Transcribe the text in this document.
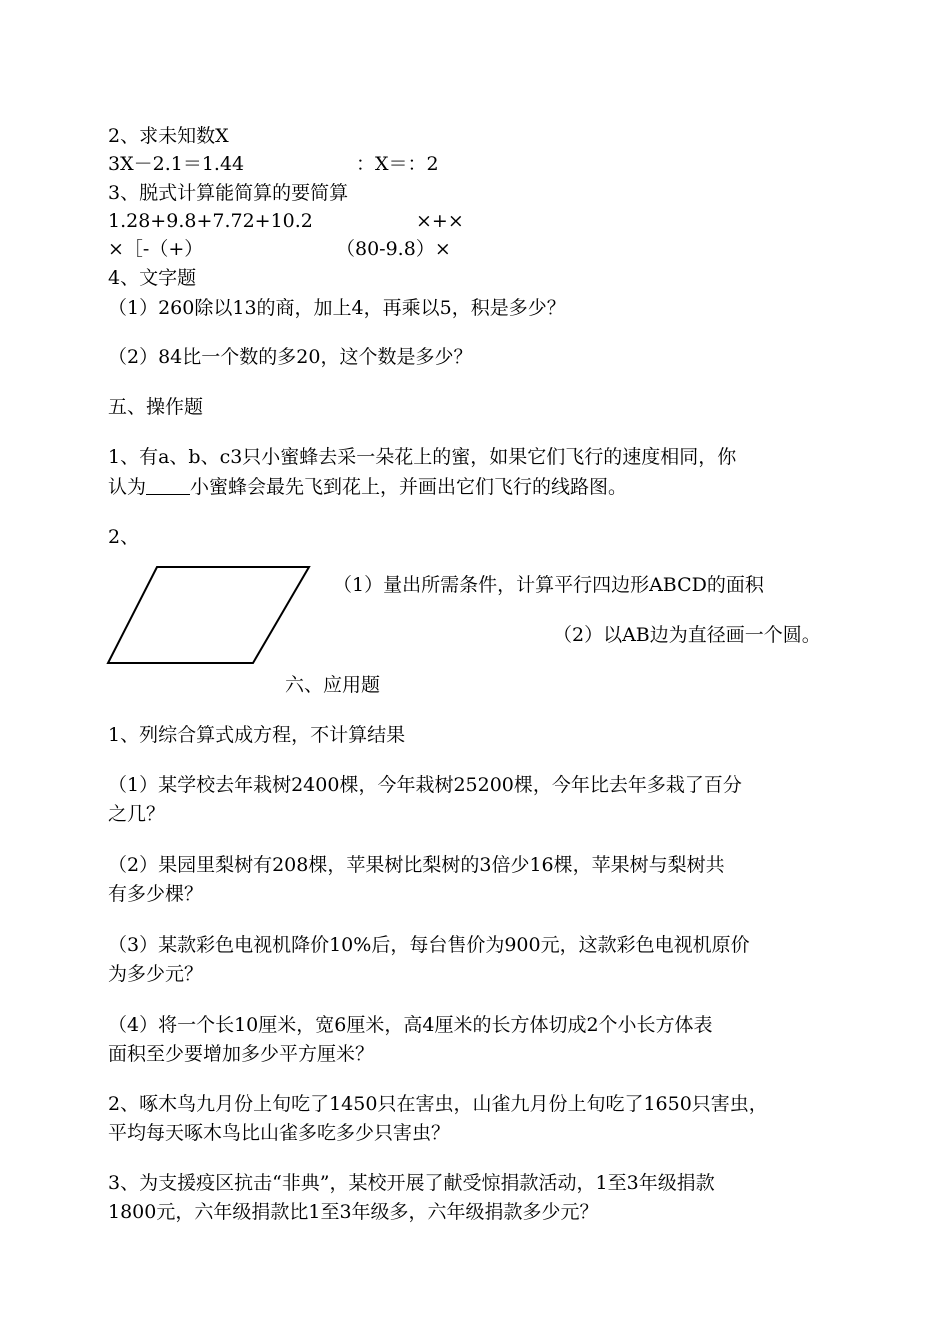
2、求未知数X
3X－2.1＝1.44	：X＝：2
3、脱式计算能简算的要简算
1.28+9.8+7.72+10.2	×+×
×［-（+）	（80-9.8）×
4、文字题
（1）260除以13的商，加上4，再乘以5，积是多少？
（2）84比一个数的多20，这个数是多少？
五、操作题
1、有a、b、c3只小蜜蜂去采一朵花上的蜜，如果它们飞行的速度相同，你
认为 小蜜蜂会最先飞到花上，并画出它们飞行的线路图。
2、
（1）量出所需条件，计算平行四边形ABCD的面积
（2）以AB边为直径画一个圆。
六、应用题
1、列综合算式成方程，不计算结果
（1）某学校去年栽树2400棵，今年栽树25200棵，今年比去年多栽了百分
之几？
（2）果园里梨树有208棵，苹果树比梨树的3倍少16棵，苹果树与梨树共
有多少棵？
（3）某款彩色电视机降价10%后，每台售价为900元，这款彩色电视机原价
为多少元？
（4）将一个长10厘米，宽6厘米，高4厘米的长方体切成2个小长方体表
面积至少要增加多少平方厘米？
2、啄木鸟九月份上旬吃了1450只在害虫，山雀九月份上旬吃了1650只害虫，
平均每天啄木鸟比山雀多吃多少只害虫？
3、为支援疫区抗击“非典”，某校开展了献受惊捐款活动，1至3年级捐款
1800元，六年级捐款比1至3年级多，六年级捐款多少元？
